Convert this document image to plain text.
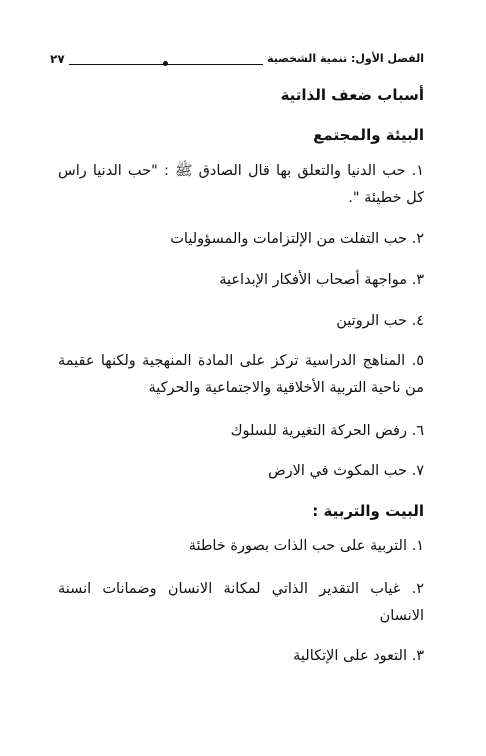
الفصل الأول: تنمية الشخصية
٢٧
أسباب ضعف الذاتية
البيئة والمجتمع
١. حب الدنيا والتعلق بها قال الصادق ﷺ : "حب الدنيا راس كل خطيئة ".
٢. حب التفلت من الإلتزامات والمسؤوليات
٣. مواجهة أصحاب الأفكار الإبداعية
٤. حب الروتين
٥. المناهج الدراسية تركز على المادة المنهجية ولكنها عقيمة من ناحية التربية الأخلاقية والاجتماعية والحركية
٦. رفض الحركة التغيرية للسلوك
٧. حب المكوث في الارض
البيت والتربية :
١. التربية على حب الذات بصورة خاطئة
٢. غياب التقدير الذاتي لمكانة الانسان وضمانات انسنة الانسان
٣. التعود على الإتكالية
